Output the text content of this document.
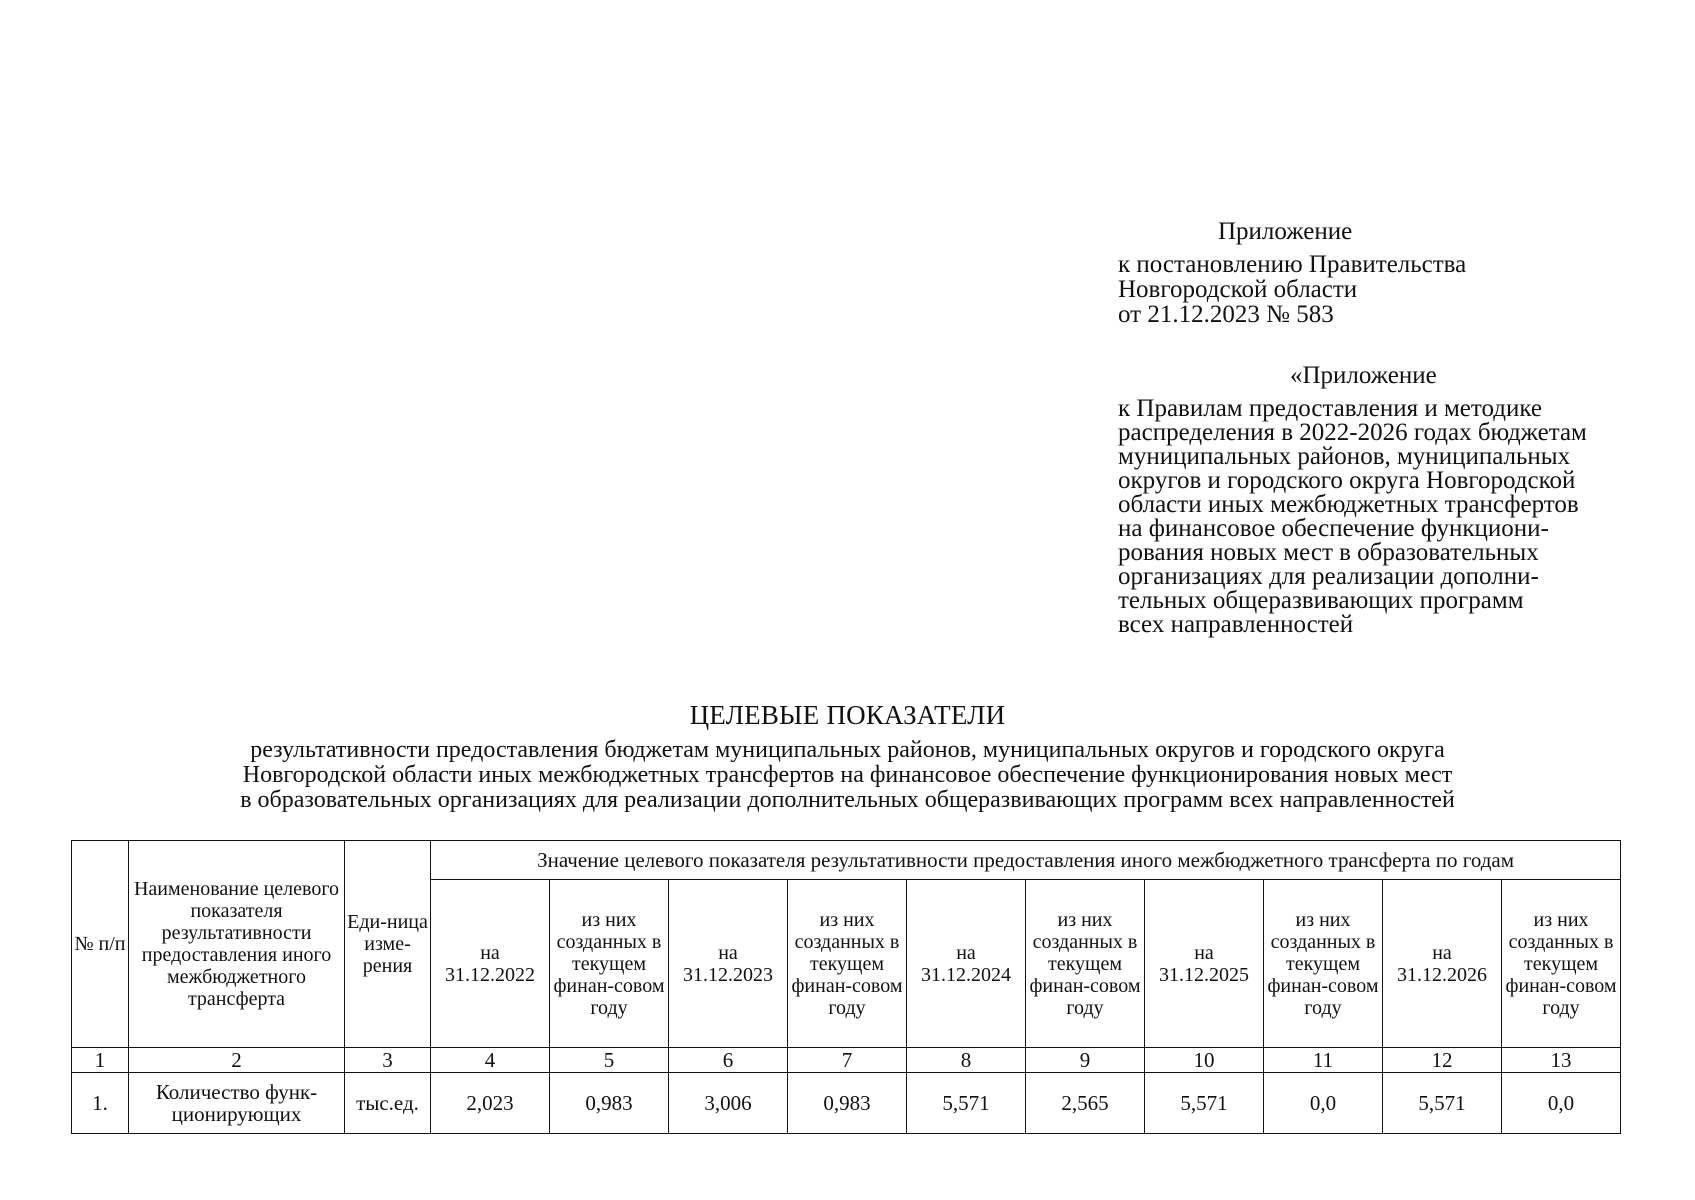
Приложение
к постановлению Правительства
Новгородской области
от 21.12.2023 № 583
«Приложение
к Правилам предоставления и методике
распределения в 2022-2026 годах бюджетам
муниципальных районов, муниципальных
округов и городского округа Новгородской
области иных межбюджетных трансфертов
на финансовое обеспечение функциони-
рования новых мест в образовательных
организациях для реализации дополни-
тельных общеразвивающих программ
всех направленностей
ЦЕЛЕВЫЕ ПОКАЗАТЕЛИ
результативности предоставления бюджетам муниципальных районов, муниципальных округов и городского округа
Новгородской области иных межбюджетных трансфертов на финансовое обеспечение функционирования новых мест
в образовательных организациях для реализации дополнительных общеразвивающих программ всех направленностей
№ п/п	Наименование целевого показателя результативности предоставления иного межбюджетного трансферта	Еди-ница изме-рения	Значение целевого показателя результативности предоставления иного межбюджетного трансферта по годам									
			на 31.12.2022	из них созданных в текущем финан-совом году	на 31.12.2023	из них созданных в текущем финан-совом году	на 31.12.2024	из них созданных в текущем финан-совом году	на 31.12.2025	из них созданных в текущем финан-совом году	на 31.12.2026	из них созданных в текущем финан-совом году
1	2	3	4	5	6	7	8	9	10	11	12	13
1.	Количество функ-ционирующих	тыс.ед.	2,023	0,983	3,006	0,983	5,571	2,565	5,571	0,0	5,571	0,0
